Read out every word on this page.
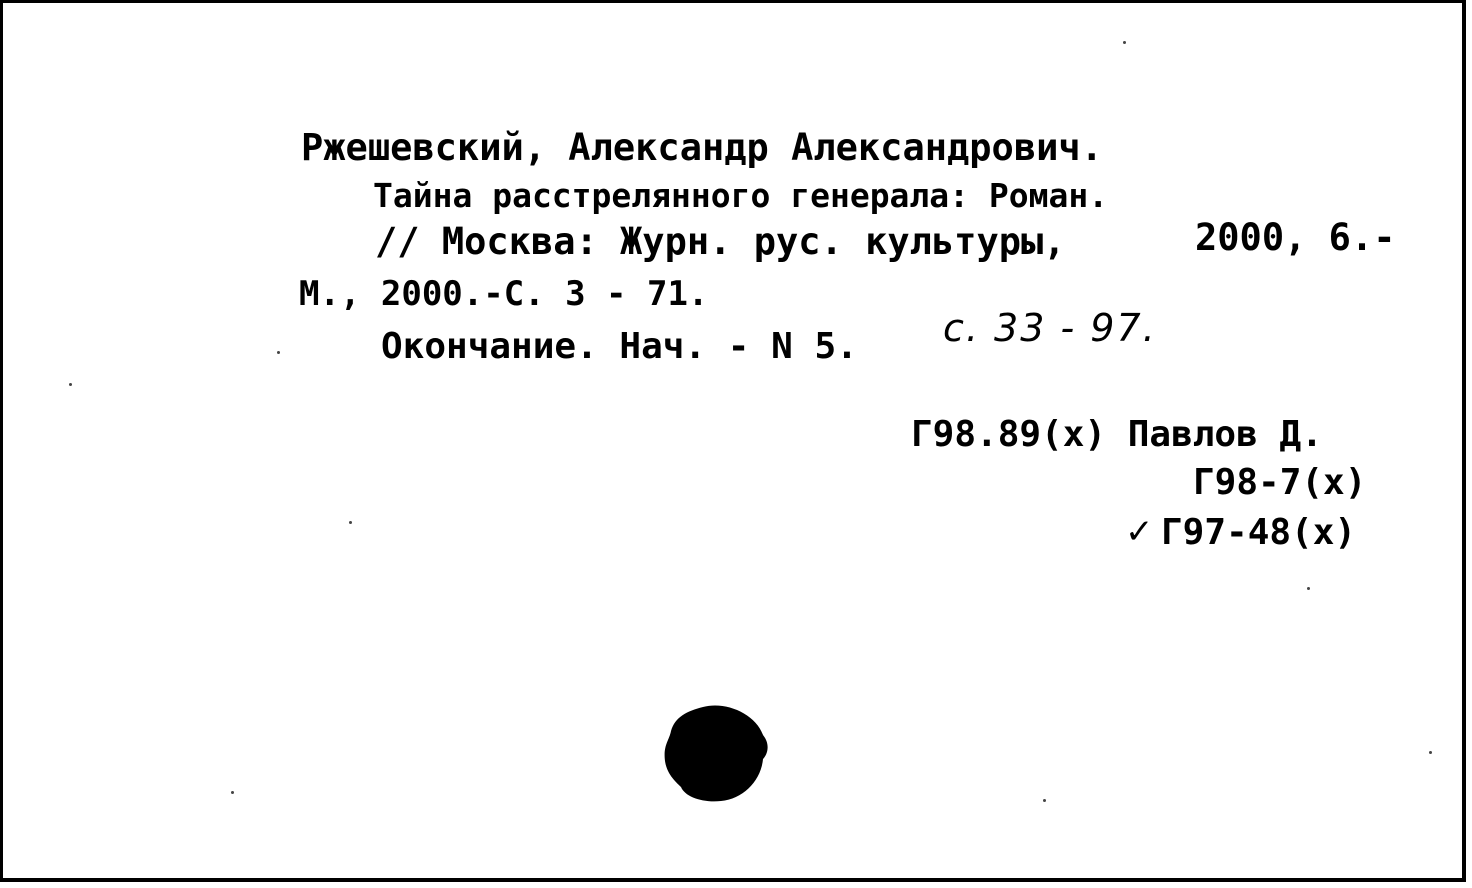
Ржешевский, Александр Александрович.
Тайна расстрелянного генерала: Роман.
// Москва: Журн. рус. культуры,	2000, 6.-
М., 2000.-С. 3 - 71.
Окончание. Нач. - N 5. с. 33 - 97.
Г98.89(х) Павлов Д.
Г98-7(х)
✓ Г97-48(х)
